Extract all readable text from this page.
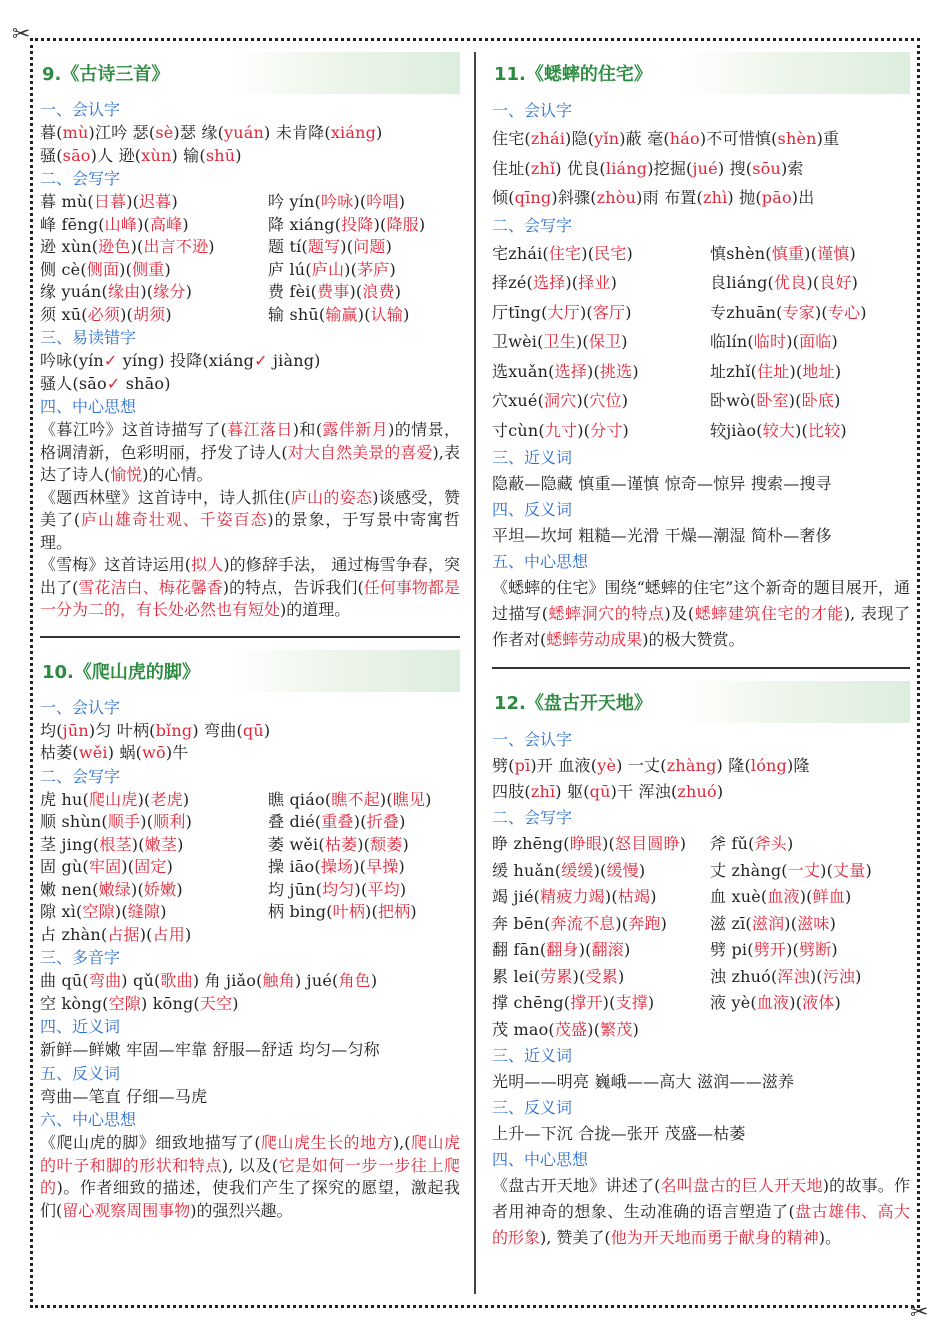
✂
✂
9.《古诗三首》
一、会认字
暮(mù)江吟 瑟(sè)瑟 缘(yuán) 未肯降(xiáng)
骚(sāo)人 逊(xùn) 输(shū)
二、会写字
暮 mù(日暮)(迟暮)	吟 yín(吟咏)(吟唱)
峰 fēng(山峰)(高峰)	降 xiáng(投降)(降服)
逊 xùn(逊色)(出言不逊)	题 tí(题写)(问题)
侧 cè(侧面)(侧重)	庐 lú(庐山)(茅庐)
缘 yuán(缘由)(缘分)	费 fèi(费事)(浪费)
须 xū(必须)(胡须)	输 shū(输赢)(认输)
三、易读错字
吟咏(yín✓ yíng) 投降(xiáng✓ jiàng)
骚人(sāo✓ shāo)
四、中心思想
《暮江吟》这首诗描写了(暮江落日)和(露伴新月)的情景，格调清新，色彩明丽，抒发了诗人(对大自然美景的喜爱),表达了诗人(愉悦)的心情。
《题西林壁》这首诗中，诗人抓住(庐山的姿态)谈感受，赞美了(庐山雄奇壮观、千姿百态)的景象，于写景中寄寓哲理。
《雪梅》这首诗运用(拟人)的修辞手法， 通过梅雪争春，突出了(雪花洁白、梅花馨香)的特点，告诉我们(任何事物都是一分为二的，有长处必然也有短处)的道理。
10.《爬山虎的脚》
一、会认字
均(jūn)匀 叶柄(bǐng) 弯曲(qū)
枯萎(wěi) 蜗(wō)牛
二、会写字
虎 hu(爬山虎)(老虎)	瞧 qiáo(瞧不起)(瞧见)
顺 shùn(顺手)(顺利)	叠 dié(重叠)(折叠)
茎 jing(根茎)(嫩茎)	萎 wěi(枯萎)(颓萎)
固 gù(牢固)(固定)	操 iāo(操场)(早操)
嫩 nen(嫩绿)(娇嫩)	均 jūn(均匀)(平均)
隙 xì(空隙)(缝隙)	柄 bing(叶柄)(把柄)
占 zhàn(占据)(占用)
三、多音字
曲 qū(弯曲) qǔ(歌曲) 角 jiǎo(触角) jué(角色)
空 kòng(空隙) kōng(天空)
四、近义词
新鲜—鲜嫩 牢固—牢靠 舒服—舒适 均匀—匀称
五、反义词
弯曲—笔直 仔细—马虎
六、中心思想
《爬山虎的脚》细致地描写了(爬山虎生长的地方),(爬山虎的叶子和脚的形状和特点), 以及(它是如何一步一步往上爬的)。作者细致的描述，使我们产生了探究的愿望，激起我们(留心观察周围事物)的强烈兴趣。
11.《蟋蟀的住宅》
一、会认字
住宅(zhái)隐(yǐn)蔽 毫(háo)不可惜慎(shèn)重
住址(zhǐ) 优良(liáng)挖掘(jué) 搜(sōu)索
倾(qīng)斜骤(zhòu)雨 布置(zhì) 抛(pāo)出
二、会写字
宅zhái(住宅)(民宅)	慎shèn(慎重)(谨慎)
择zé(选择)(择业)	良liáng(优良)(良好)
厅tīng(大厅)(客厅)	专zhuān(专家)(专心)
卫wèi(卫生)(保卫)	临lín(临时)(面临)
选xuǎn(选择)(挑选)	址zhǐ(住址)(地址)
穴xué(洞穴)(穴位)	卧wò(卧室)(卧底)
寸cùn(九寸)(分寸)	较jiào(较大)(比较)
三、近义词
隐蔽—隐藏 慎重—谨慎 惊奇—惊异 搜索—搜寻
四、反义词
平坦—坎坷 粗糙—光滑 干燥—潮湿 简朴—奢侈
五、中心思想
《蟋蟀的住宅》围绕“蟋蟀的住宅”这个新奇的题目展开，通过描写(蟋蟀洞穴的特点)及(蟋蟀建筑住宅的才能), 表现了作者对(蟋蟀劳动成果)的极大赞赏。
12.《盘古开天地》
一、会认字
劈(pī)开 血液(yè) 一丈(zhàng) 隆(lóng)隆
四肢(zhī) 躯(qū)干 浑浊(zhuó)
二、会写字
睁 zhēng(睁眼)(怒目圆睁)	斧 fǔ(斧头)
缓 huǎn(缓缓)(缓慢)	丈 zhàng(一丈)(丈量)
竭 jié(精疲力竭)(枯竭)	血 xuè(血液)(鲜血)
奔 bēn(奔流不息)(奔跑)	滋 zī(滋润)(滋味)
翻 fān(翻身)(翻滚)	劈 pi(劈开)(劈断)
累 lei(劳累)(受累)	浊 zhuó(浑浊)(污浊)
撑 chēng(撑开)(支撑)	液 yè(血液)(液体)
茂 mao(茂盛)(繁茂)
三、近义词
光明——明亮 巍峨——高大 滋润——滋养
三、反义词
上升—下沉 合拢—张开 茂盛—枯萎
四、中心思想
《盘古开天地》讲述了(名叫盘古的巨人开天地)的故事。作者用神奇的想象、生动准确的语言塑造了(盘古雄伟、高大的形象), 赞美了(他为开天地而勇于献身的精神)。
